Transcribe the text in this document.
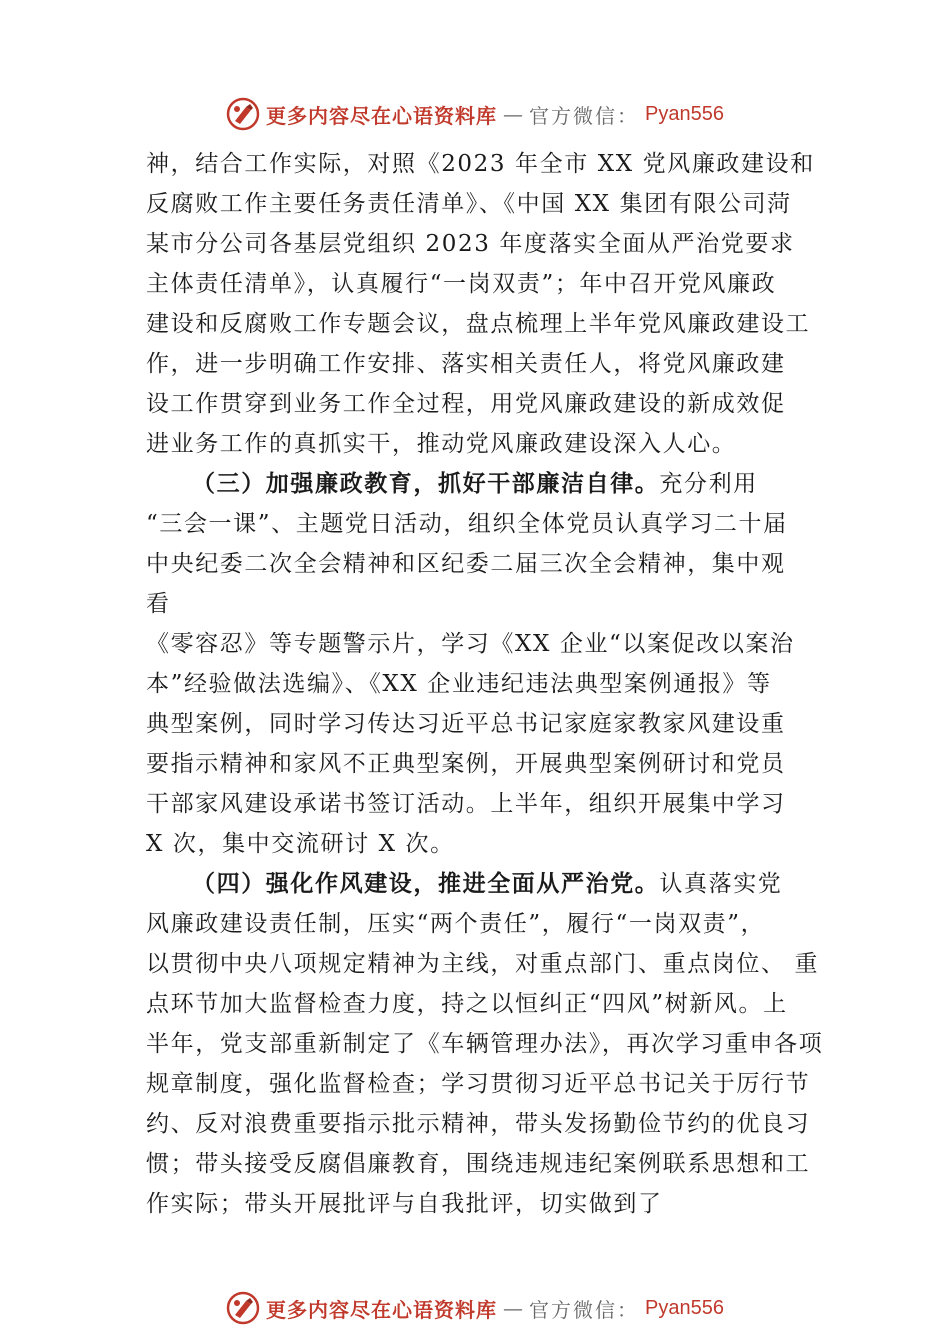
更多内容尽在心语资料库 — 官方微信： Pyan556
神，结合工作实际，对照《2023 年全市 XX 党风廉政建设和
反腐败工作主要任务责任清单》、《中国 XX 集团有限公司菏
某市分公司各基层党组织 2023 年度落实全面从严治党要求
主体责任清单》，认真履行“一岗双责”；年中召开党风廉政
建设和反腐败工作专题会议，盘点梳理上半年党风廉政建设工
作，进一步明确工作安排、落实相关责任人，将党风廉政建
设工作贯穿到业务工作全过程，用党风廉政建设的新成效促
进业务工作的真抓实干，推动党风廉政建设深入人心。
（三）加强廉政教育，抓好干部廉洁自律。充分利用
“三会一课”、主题党日活动，组织全体党员认真学习二十届
中央纪委二次全会精神和区纪委二届三次全会精神，集中观
看
《零容忍》等专题警示片，学习《XX 企业“以案促改以案治
本”经验做法选编》、《XX 企业违纪违法典型案例通报》等
典型案例，同时学习传达习近平总书记家庭家教家风建设重
要指示精神和家风不正典型案例，开展典型案例研讨和党员
干部家风建设承诺书签订活动。上半年，组织开展集中学习
X 次，集中交流研讨 X 次。
（四）强化作风建设，推进全面从严治党。认真落实党
风廉政建设责任制，压实“两个责任”，履行“一岗双责”，
以贯彻中央八项规定精神为主线，对重点部门、重点岗位、 重
点环节加大监督检查力度，持之以恒纠正“四风”树新风。上
半年，党支部重新制定了《车辆管理办法》，再次学习重申各项
规章制度，强化监督检查；学习贯彻习近平总书记关于厉行节
约、反对浪费重要指示批示精神，带头发扬勤俭节约的优良习
惯；带头接受反腐倡廉教育，围绕违规违纪案例联系思想和工
作实际；带头开展批评与自我批评，切实做到了
更多内容尽在心语资料库 — 官方微信： Pyan556
